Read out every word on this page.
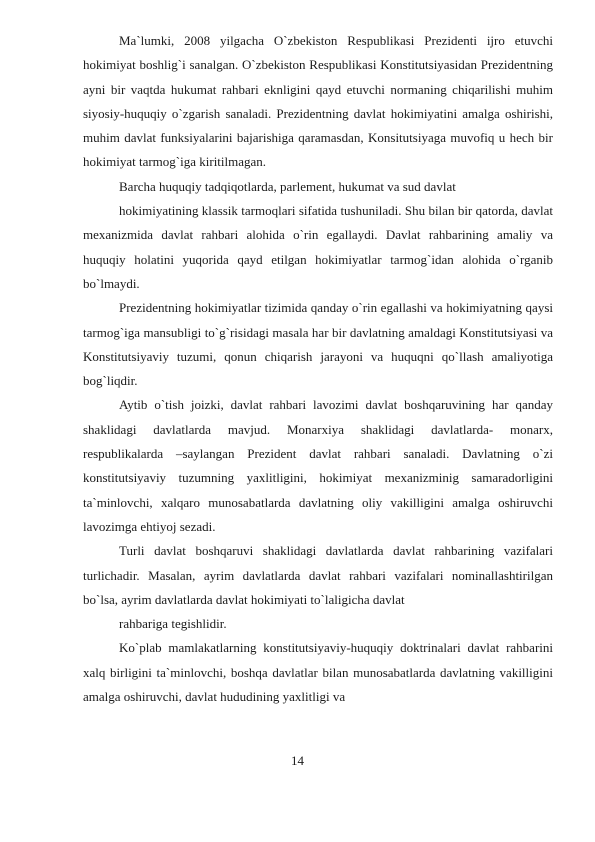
Ma`lumki, 2008 yilgacha O`zbekiston Respublikasi Prezidenti ijro etuvchi hokimiyat boshlig`i sanalgan. O`zbekiston Respublikasi Konstitutsiyasidan Prezidentning ayni bir vaqtda hukumat rahbari eknligini qayd etuvchi normaning chiqarilishi muhim siyosiy-huquqiy o`zgarish sanaladi. Prezidentning davlat hokimiyatini amalga oshirishi, muhim davlat funksiyalarini bajarishiga qaramasdan, Konsitutsiyaga muvofiq u hech bir hokimiyat tarmog`iga kiritilmagan.

Barcha huquqiy tadqiqotlarda, parlement, hukumat va sud davlat

hokimiyatining klassik tarmoqlari sifatida tushuniladi. Shu bilan bir qatorda, davlat mexanizmida davlat rahbari alohida o`rin egallaydi. Davlat rahbarining amaliy va huquqiy holatini yuqorida qayd etilgan hokimiyatlar tarmog`idan alohida o`rganib bo`lmaydi.

Prezidentning hokimiyatlar tizimida qanday o`rin egallashi va hokimiyatning qaysi tarmog`iga mansubligi to`g`risidagi masala har bir davlatning amaldagi Konstitutsiyasi va Konstitutsiyaviy tuzumi, qonun chiqarish jarayoni va huquqni qo`llash amaliyotiga bog`liqdir.

Aytib o`tish joizki, davlat rahbari lavozimi davlat boshqaruvining har qanday shaklidagi davlatlarda mavjud. Monarxiya shaklidagi davlatlarda- monarx, respublikalarda –saylangan Prezident davlat rahbari sanaladi. Davlatning o`zi konstitutsiyaviy tuzumning yaxlitligini, hokimiyat mexanizminig samaradorligini ta`minlovchi, xalqaro munosabatlarda davlatning oliy vakilligini amalga oshiruvchi lavozimga ehtiyoj sezadi.

Turli davlat boshqaruvi shaklidagi davlatlarda davlat rahbarining vazifalari turlichadir. Masalan, ayrim davlatlarda davlat rahbari vazifalari nominallashtirilgan bo`lsa, ayrim davlatlarda davlat hokimiyati to`laligicha davlat

rahbariga tegishlidir.

Ko`plab mamlakatlarning konstitutsiyaviy-huquqiy doktrinalari davlat rahbarini xalq birligini ta`minlovchi, boshqa davlatlar bilan munosabatlarda davlatning vakilligini amalga oshiruvchi, davlat hududining yaxlitligi va

14
